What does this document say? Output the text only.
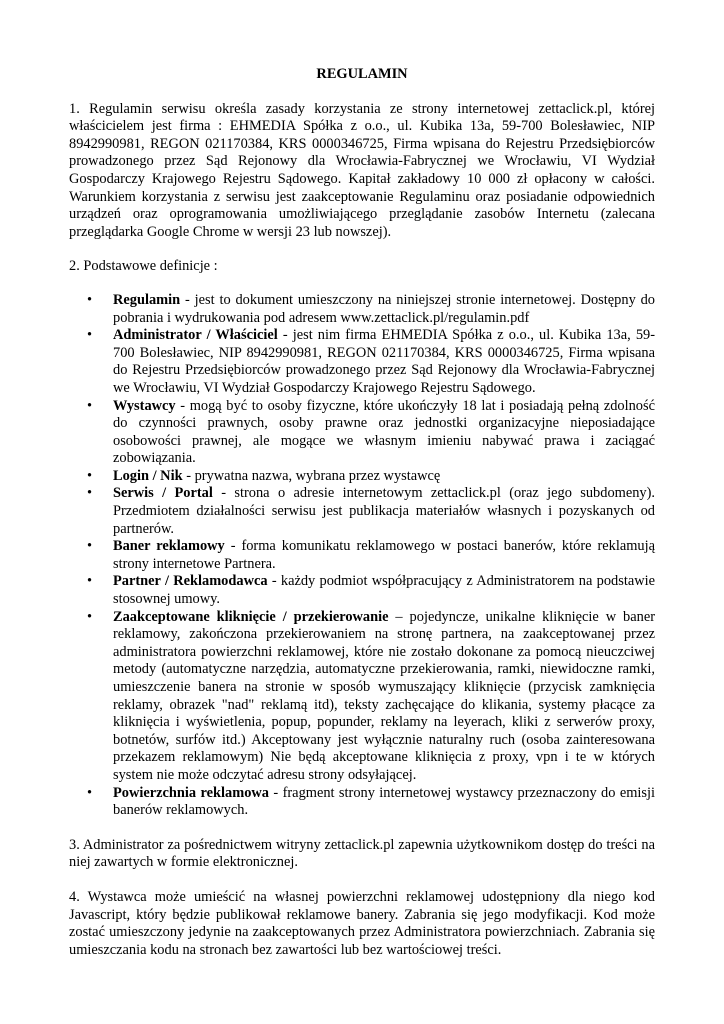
REGULAMIN

1. Regulamin serwisu określa zasady korzystania ze strony internetowej zettaclick.pl, której właścicielem jest firma : EHMEDIA Spółka z o.o., ul. Kubika 13a, 59-700 Bolesławiec, NIP 8942990981, REGON 021170384, KRS 0000346725, Firma wpisana do Rejestru Przedsiębiorców prowadzonego przez Sąd Rejonowy dla Wrocławia-Fabrycznej we Wrocławiu, VI Wydział Gospodarczy Krajowego Rejestru Sądowego. Kapitał zakładowy 10 000 zł opłacony w całości. Warunkiem korzystania z serwisu jest zaakceptowanie Regulaminu oraz posiadanie odpowiednich urządzeń oraz oprogramowania umożliwiającego przeglądanie zasobów Internetu (zalecana przeglądarka Google Chrome w wersji 23 lub nowszej).

2. Podstawowe definicje :

• Regulamin - jest to dokument umieszczony na niniejszej stronie internetowej. Dostępny do pobrania i wydrukowania pod adresem www.zettaclick.pl/regulamin.pdf
• Administrator / Właściciel - jest nim firma EHMEDIA Spółka z o.o., ul. Kubika 13a, 59-700 Bolesławiec, NIP 8942990981, REGON 021170384, KRS 0000346725, Firma wpisana do Rejestru Przedsiębiorców prowadzonego przez Sąd Rejonowy dla Wrocławia-Fabrycznej we Wrocławiu, VI Wydział Gospodarczy Krajowego Rejestru Sądowego.
• Wystawcy - mogą być to osoby fizyczne, które ukończyły 18 lat i posiadają pełną zdolność do czynności prawnych, osoby prawne oraz jednostki organizacyjne nieposiadające osobowości prawnej, ale mogące we własnym imieniu nabywać prawa i zaciągać zobowiązania.
• Login / Nik - prywatna nazwa, wybrana przez wystawcę
• Serwis / Portal - strona o adresie internetowym zettaclick.pl (oraz jego subdomeny). Przedmiotem działalności serwisu jest publikacja materiałów własnych i pozyskanych od partnerów.
• Baner reklamowy - forma komunikatu reklamowego w postaci banerów, które reklamują strony internetowe Partnera.
• Partner / Reklamodawca - każdy podmiot współpracujący z Administratorem na podstawie stosownej umowy.
• Zaakceptowane kliknięcie / przekierowanie – pojedyncze, unikalne kliknięcie w baner reklamowy, zakończona przekierowaniem na stronę partnera, na zaakceptowanej przez administratora powierzchni reklamowej, które nie zostało dokonane za pomocą nieuczciwej metody (automatyczne narzędzia, automatyczne przekierowania, ramki, niewidoczne ramki, umieszczenie banera na stronie w sposób wymuszający kliknięcie (przycisk zamknięcia reklamy, obrazek "nad" reklamą itd), teksty zachęcające do klikania, systemy płacące za kliknięcia i wyświetlenia, popup, popunder, reklamy na leyerach, kliki z serwerów proxy, botnetów, surfów itd.) Akceptowany jest wyłącznie naturalny ruch (osoba zainteresowana przekazem reklamowym) Nie będą akceptowane kliknięcia z proxy, vpn i te w których system nie może odczytać adresu strony odsyłającej.
• Powierzchnia reklamowa - fragment strony internetowej wystawcy przeznaczony do emisji banerów reklamowych.

3. Administrator za pośrednictwem witryny zettaclick.pl zapewnia użytkownikom dostęp do treści na niej zawartych w formie elektronicznej.

4. Wystawca może umieścić na własnej powierzchni reklamowej udostępniony dla niego kod Javascript, który będzie publikował reklamowe banery. Zabrania się jego modyfikacji. Kod może zostać umieszczony jedynie na zaakceptowanych przez Administratora powierzchniach. Zabrania się umieszczania kodu na stronach bez zawartości lub bez wartościowej treści.
